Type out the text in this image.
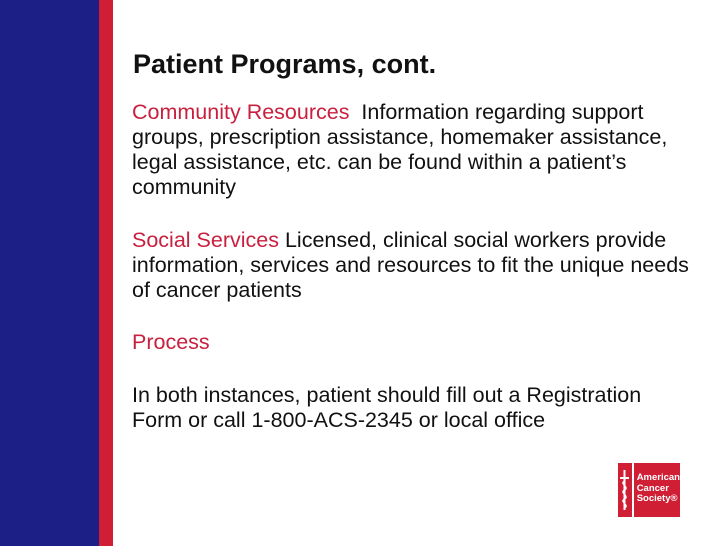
Patient Programs, cont.

Community Resources  Information regarding support groups, prescription assistance, homemaker assistance, legal assistance, etc. can be found within a patient’s community

Social Services Licensed, clinical social workers provide information, services and resources to fit the unique needs of cancer patients

Process

In both instances, patient should fill out a Registration Form or call 1-800-ACS-2345 or local office

American
Cancer
Society®
